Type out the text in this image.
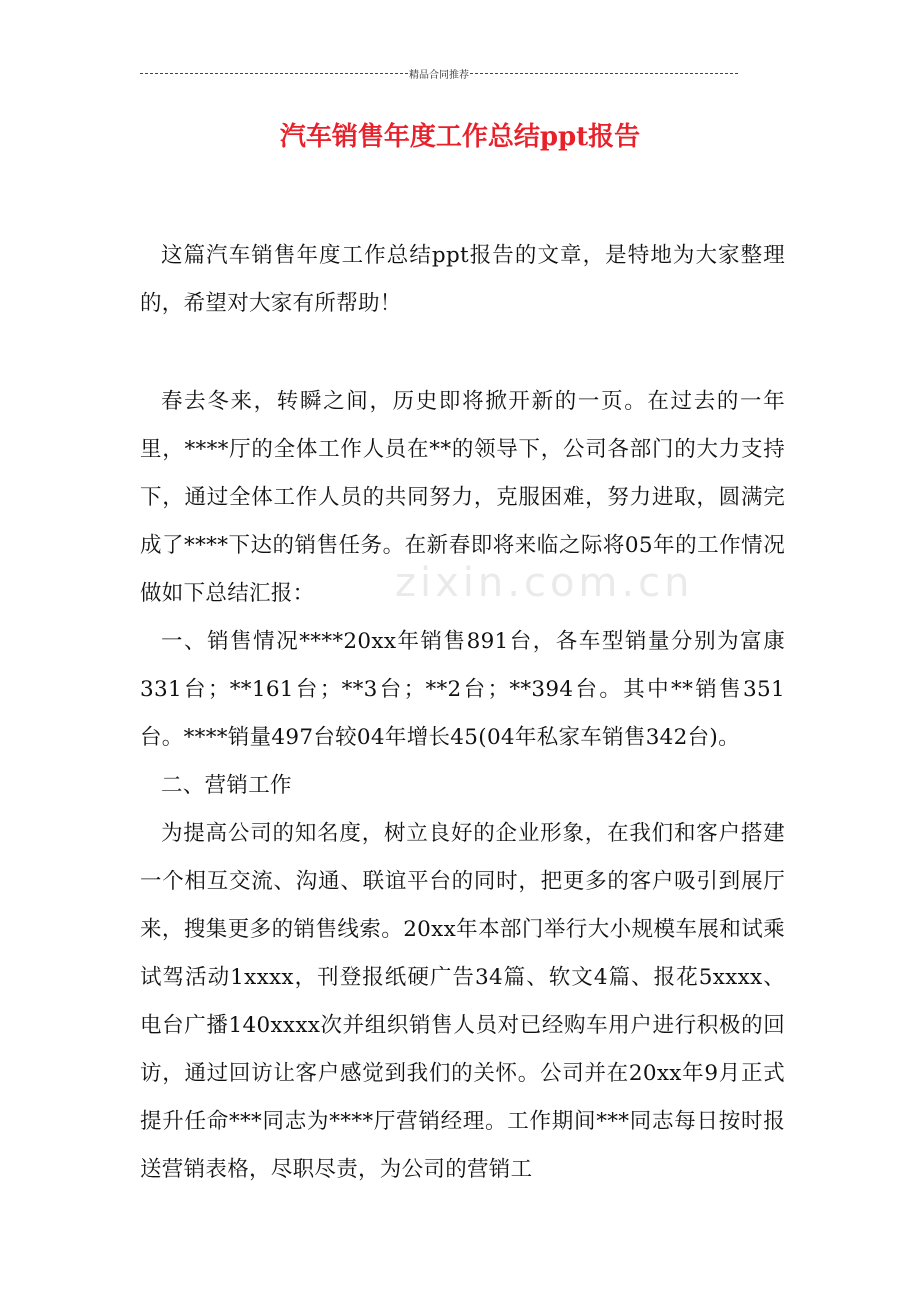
精品合同推荐
汽车销售年度工作总结ppt报告

这篇汽车销售年度工作总结ppt报告的文章，是特地为大家整理的，希望对大家有所帮助！

春去冬来，转瞬之间，历史即将掀开新的一页。在过去的一年里，****厅的全体工作人员在**的领导下，公司各部门的大力支持下，通过全体工作人员的共同努力，克服困难，努力进取，圆满完成了****下达的销售任务。在新春即将来临之际将05年的工作情况做如下总结汇报：

一、销售情况****20xx年销售891台，各车型销量分别为富康331台；**161台；**3台；**2台；**394台。其中**销售351台。****销量497台较04年增长45(04年私家车销售342台)。

二、营销工作

为提高公司的知名度，树立良好的企业形象，在我们和客户搭建一个相互交流、沟通、联谊平台的同时，把更多的客户吸引到展厅来，搜集更多的销售线索。20xx年本部门举行大小规模车展和试乘试驾活动1xxxx，刊登报纸硬广告34篇、软文4篇、报花5xxxx、电台广播140xxxx次并组织销售人员对已经购车用户进行积极的回访，通过回访让客户感觉到我们的关怀。公司并在20xx年9月正式提升任命***同志为****厅营销经理。工作期间***同志每日按时报送营销表格，尽职尽责，为公司的营销工

zixin.com.cn
